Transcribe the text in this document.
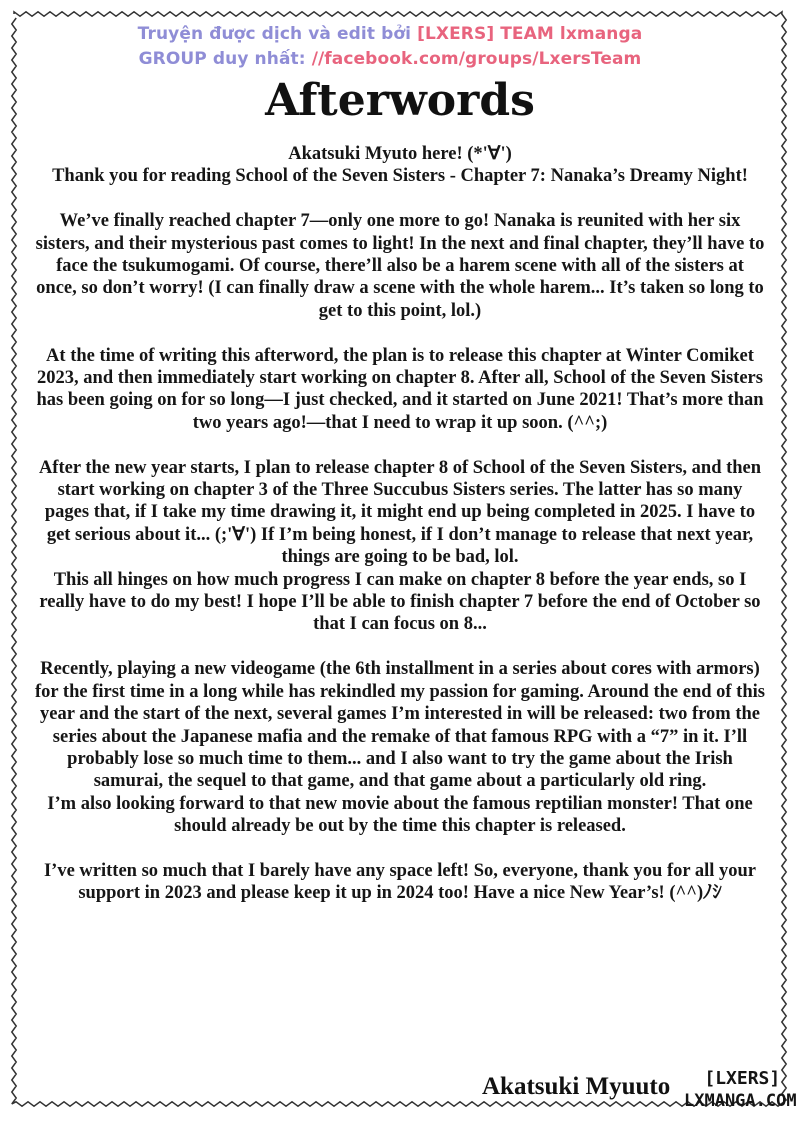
Truyện được dịch và edit bởi [LXERS] TEAM lxmanga
GROUP duy nhất: //facebook.com/groups/LxersTeam
Afterwords

Akatsuki Myuto here! (*'∀')
Thank you for reading School of the Seven Sisters - Chapter 7: Nanaka’s Dreamy Night!

We’ve finally reached chapter 7—only one more to go! Nanaka is reunited with her six sisters, and their mysterious past comes to light! In the next and final chapter, they’ll have to face the tsukumogami. Of course, there’ll also be a harem scene with all of the sisters at once, so don’t worry! (I can finally draw a scene with the whole harem... It’s taken so long to get to this point, lol.)

At the time of writing this afterword, the plan is to release this chapter at Winter Comiket 2023, and then immediately start working on chapter 8. After all, School of the Seven Sisters has been going on for so long—I just checked, and it started on June 2021! That’s more than two years ago!—that I need to wrap it up soon. (^^;)

After the new year starts, I plan to release chapter 8 of School of the Seven Sisters, and then start working on chapter 3 of the Three Succubus Sisters series. The latter has so many pages that, if I take my time drawing it, it might end up being completed in 2025. I have to get serious about it... (;'∀') If I’m being honest, if I don’t manage to release that next year, things are going to be bad, lol.

This all hinges on how much progress I can make on chapter 8 before the year ends, so I really have to do my best! I hope I’ll be able to finish chapter 7 before the end of October so that I can focus on 8...

Recently, playing a new videogame (the 6th installment in a series about cores with armors) for the first time in a long while has rekindled my passion for gaming. Around the end of this year and the start of the next, several games I’m interested in will be released: two from the series about the Japanese mafia and the remake of that famous RPG with a “7” in it. I’ll probably lose so much time to them... and I also want to try the game about the Irish samurai, the sequel to that game, and that game about a particularly old ring.

I’m also looking forward to that new movie about the famous reptilian monster! That one should already be out by the time this chapter is released.

I’ve written so much that I barely have any space left! So, everyone, thank you for all your support in 2023 and please keep it up in 2024 too! Have a nice New Year’s! (^^)ﾉｼ

Akatsuki Myuuto	[LXERS]
LXMANGA.COM
